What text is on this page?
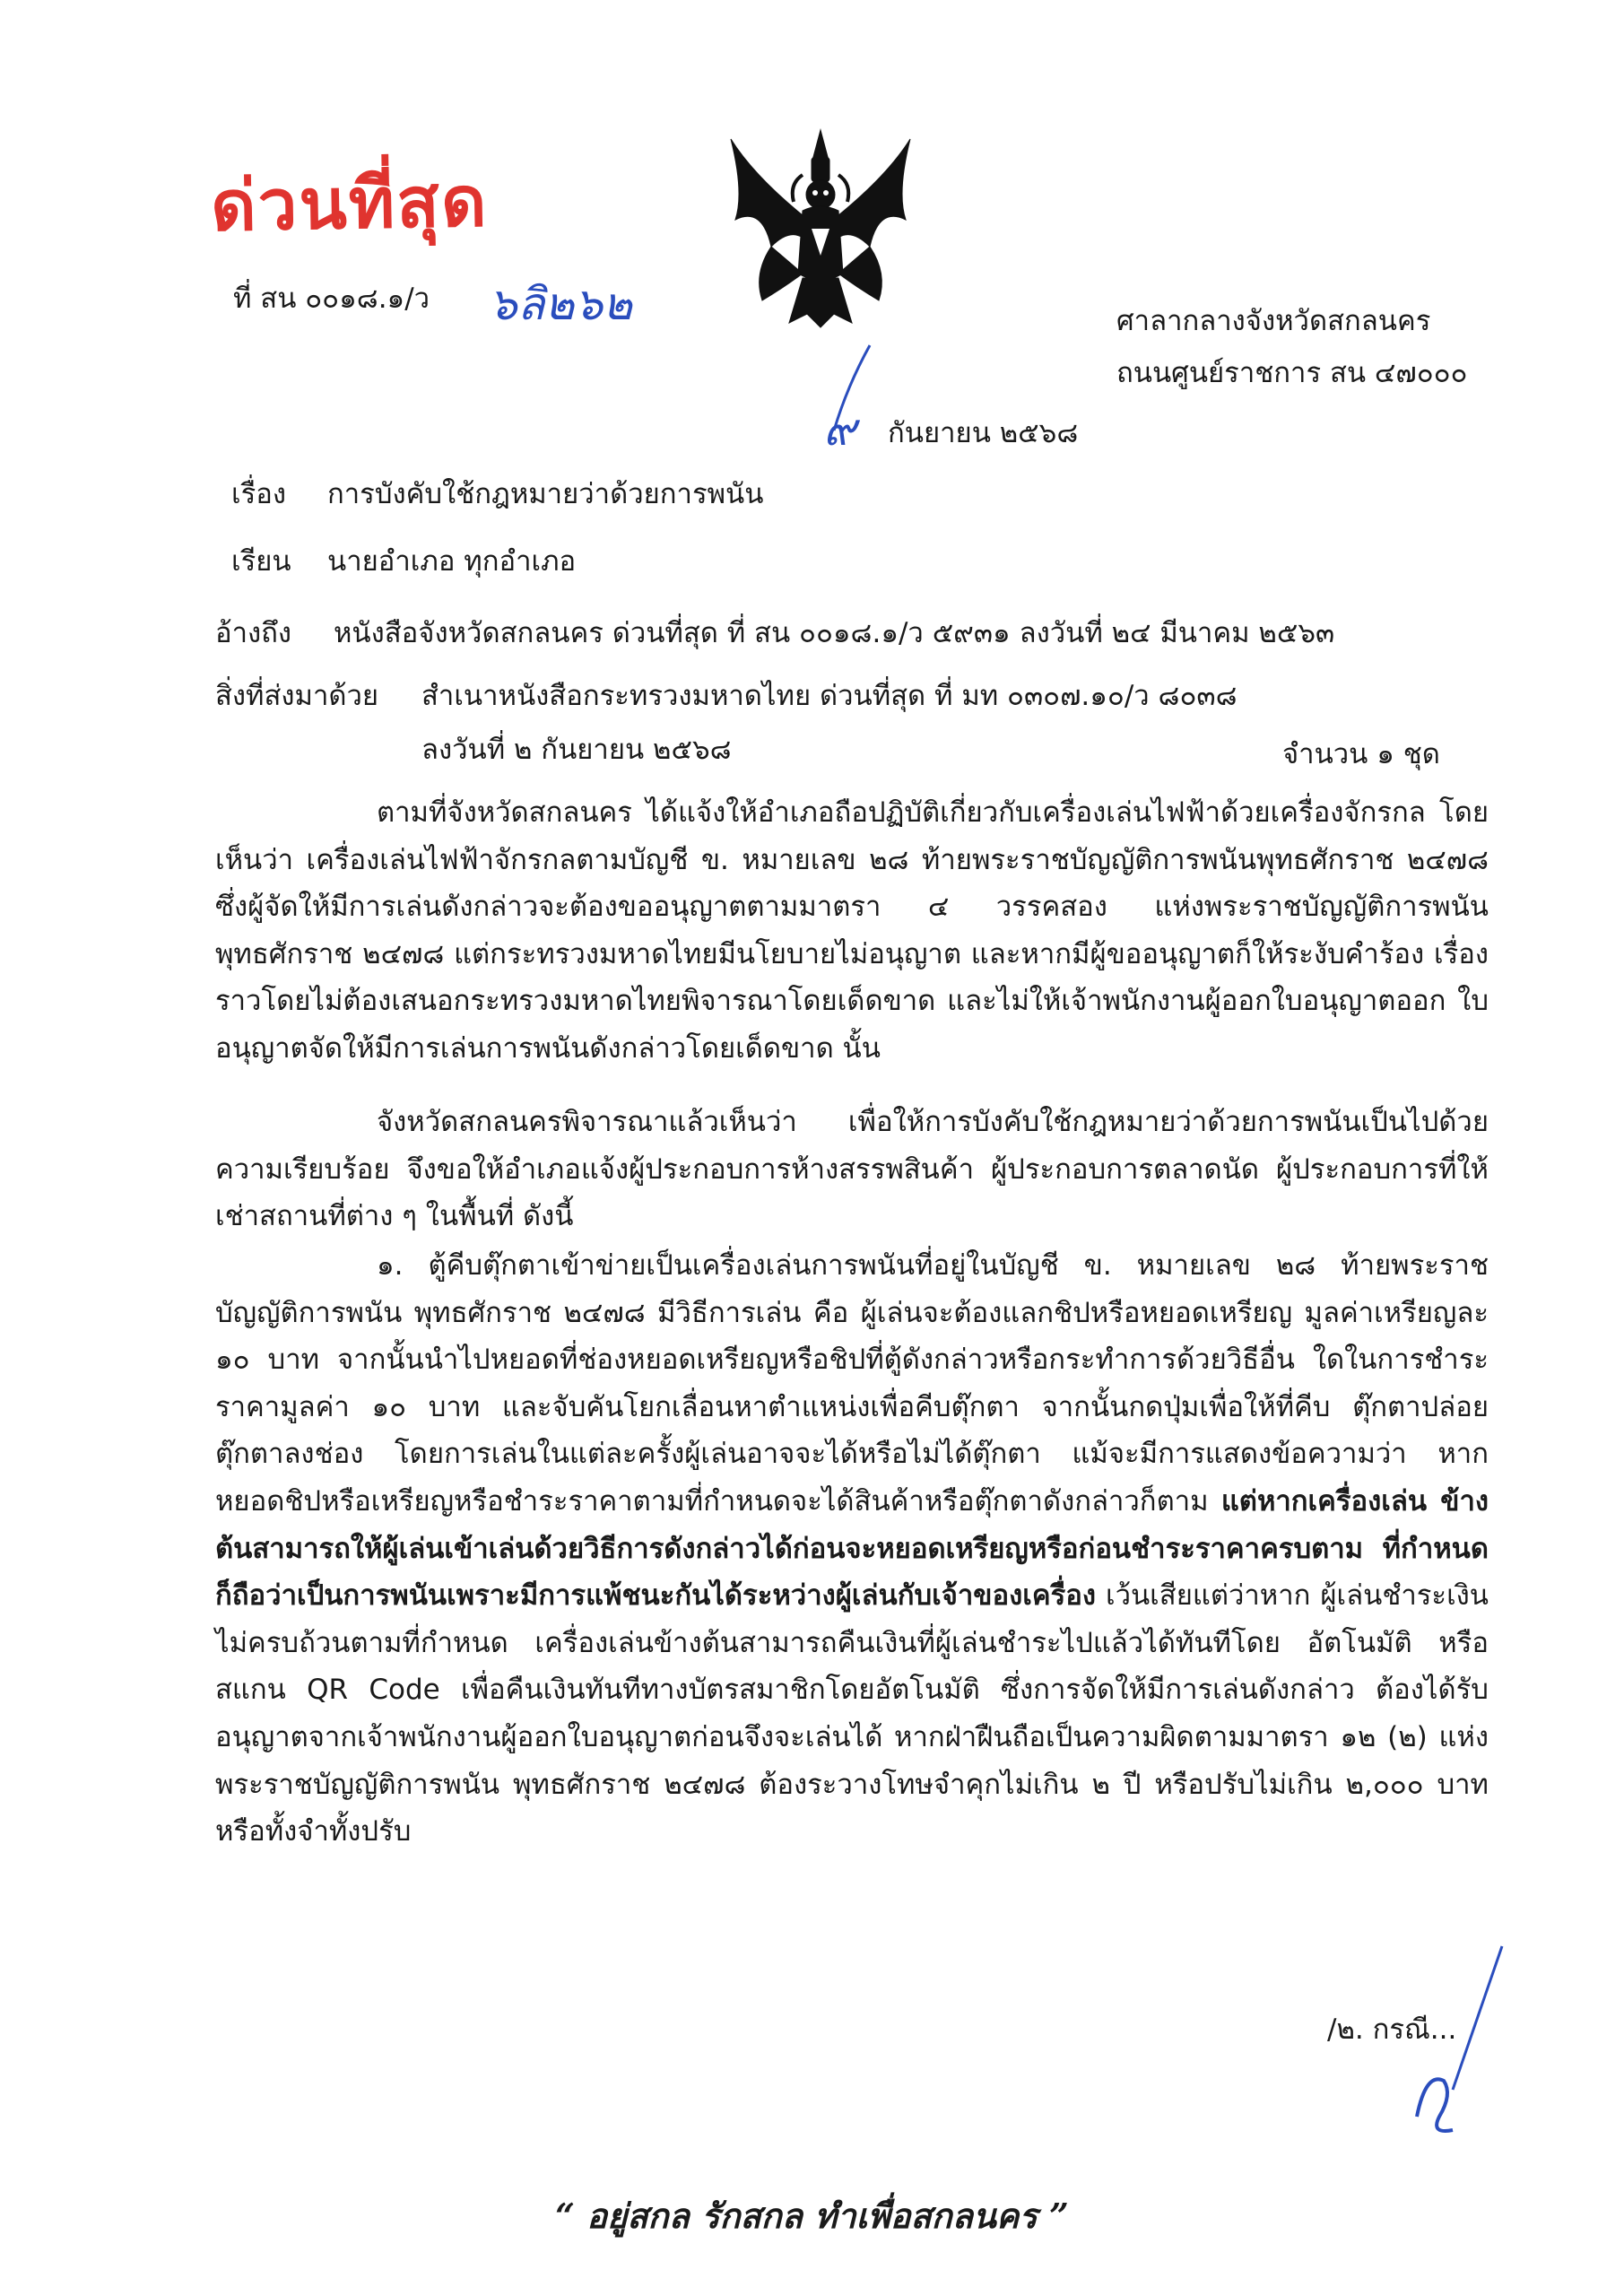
ด่วนที่สุด
ที่ สน ๐๐๑๘.๑/ว ๖ลิ๒๖๒	ศาลากลางจังหวัดสกลนคร
ถนนศูนย์ราชการ สน ๔๗๐๐๐
๙ กันยายน ๒๕๖๘
เรื่อง การบังคับใช้กฎหมายว่าด้วยการพนัน
เรียน นายอำเภอ ทุกอำเภอ
อ้างถึง หนังสือจังหวัดสกลนคร ด่วนที่สุด ที่ สน ๐๐๑๘.๑/ว ๕๙๓๑ ลงวันที่ ๒๔ มีนาคม ๒๕๖๓
สิ่งที่ส่งมาด้วย สำเนาหนังสือกระทรวงมหาดไทย ด่วนที่สุด ที่ มท ๐๓๐๗.๑๐/ว ๘๐๓๘
ลงวันที่ ๒ กันยายน ๒๕๖๘	จำนวน ๑ ชุด
ตามที่จังหวัดสกลนคร ได้แจ้งให้อำเภอถือปฏิบัติเกี่ยวกับเครื่องเล่นไฟฟ้าด้วยเครื่องจักรกล โดยเห็นว่า เครื่องเล่นไฟฟ้าจักรกลตามบัญชี ข. หมายเลข ๒๘ ท้ายพระราชบัญญัติการพนันพุทธศักราช ๒๔๗๘ ซึ่งผู้จัดให้มีการเล่นดังกล่าวจะต้องขออนุญาตตามมาตรา ๔ วรรคสอง แห่งพระราชบัญญัติการพนัน พุทธศักราช ๒๔๗๘ แต่กระทรวงมหาดไทยมีนโยบายไม่อนุญาต และหากมีผู้ขออนุญาตก็ให้ระงับคำร้อง เรื่องราวโดยไม่ต้องเสนอกระทรวงมหาดไทยพิจารณาโดยเด็ดขาด และไม่ให้เจ้าพนักงานผู้ออกใบอนุญาตออก ใบอนุญาตจัดให้มีการเล่นการพนันดังกล่าวโดยเด็ดขาด นั้น
จังหวัดสกลนครพิจารณาแล้วเห็นว่า เพื่อให้การบังคับใช้กฎหมายว่าด้วยการพนันเป็นไปด้วย ความเรียบร้อย จึงขอให้อำเภอแจ้งผู้ประกอบการห้างสรรพสินค้า ผู้ประกอบการตลาดนัด ผู้ประกอบการที่ให้ เช่าสถานที่ต่าง ๆ ในพื้นที่ ดังนี้
๑. ตู้คีบตุ๊กตาเข้าข่ายเป็นเครื่องเล่นการพนันที่อยู่ในบัญชี ข. หมายเลข ๒๘ ท้ายพระราชบัญญัติการพนัน พุทธศักราช ๒๔๗๘ มีวิธีการเล่น คือ ผู้เล่นจะต้องแลกชิปหรือหยอดเหรียญ มูลค่าเหรียญละ ๑๐ บาท จากนั้นนำไปหยอดที่ช่องหยอดเหรียญหรือชิปที่ตู้ดังกล่าวหรือกระทำการด้วยวิธีอื่น ใดในการชำระราคามูลค่า ๑๐ บาท และจับคันโยกเลื่อนหาตำแหน่งเพื่อคีบตุ๊กตา จากนั้นกดปุ่มเพื่อให้ที่คีบ ตุ๊กตาปล่อยตุ๊กตาลงช่อง โดยการเล่นในแต่ละครั้งผู้เล่นอาจจะได้หรือไม่ได้ตุ๊กตา แม้จะมีการแสดงข้อความว่า หากหยอดชิปหรือเหรียญหรือชำระราคาตามที่กำหนดจะได้สินค้าหรือตุ๊กตาดังกล่าวก็ตาม แต่หากเครื่องเล่น ข้างต้นสามารถให้ผู้เล่นเข้าเล่นด้วยวิธีการดังกล่าวได้ก่อนจะหยอดเหรียญหรือก่อนชำระราคาครบตาม ที่กำหนดก็ถือว่าเป็นการพนันเพราะมีการแพ้ชนะกันได้ระหว่างผู้เล่นกับเจ้าของเครื่อง เว้นเสียแต่ว่าหาก ผู้เล่นชำระเงินไม่ครบถ้วนตามที่กำหนด เครื่องเล่นข้างต้นสามารถคืนเงินที่ผู้เล่นชำระไปแล้วได้ทันทีโดย อัตโนมัติ หรือสแกน QR Code เพื่อคืนเงินทันทีทางบัตรสมาชิกโดยอัตโนมัติ ซึ่งการจัดให้มีการเล่นดังกล่าว ต้องได้รับอนุญาตจากเจ้าพนักงานผู้ออกใบอนุญาตก่อนจึงจะเล่นได้ หากฝ่าฝืนถือเป็นความผิดตามมาตรา ๑๒ (๒) แห่งพระราชบัญญัติการพนัน พุทธศักราช ๒๔๗๘ ต้องระวางโทษจำคุกไม่เกิน ๒ ปี หรือปรับไม่เกิน ๒,๐๐๐ บาท หรือทั้งจำทั้งปรับ
/๒. กรณี...
“ อยู่สกล รักสกล ทำเพื่อสกลนคร ”
